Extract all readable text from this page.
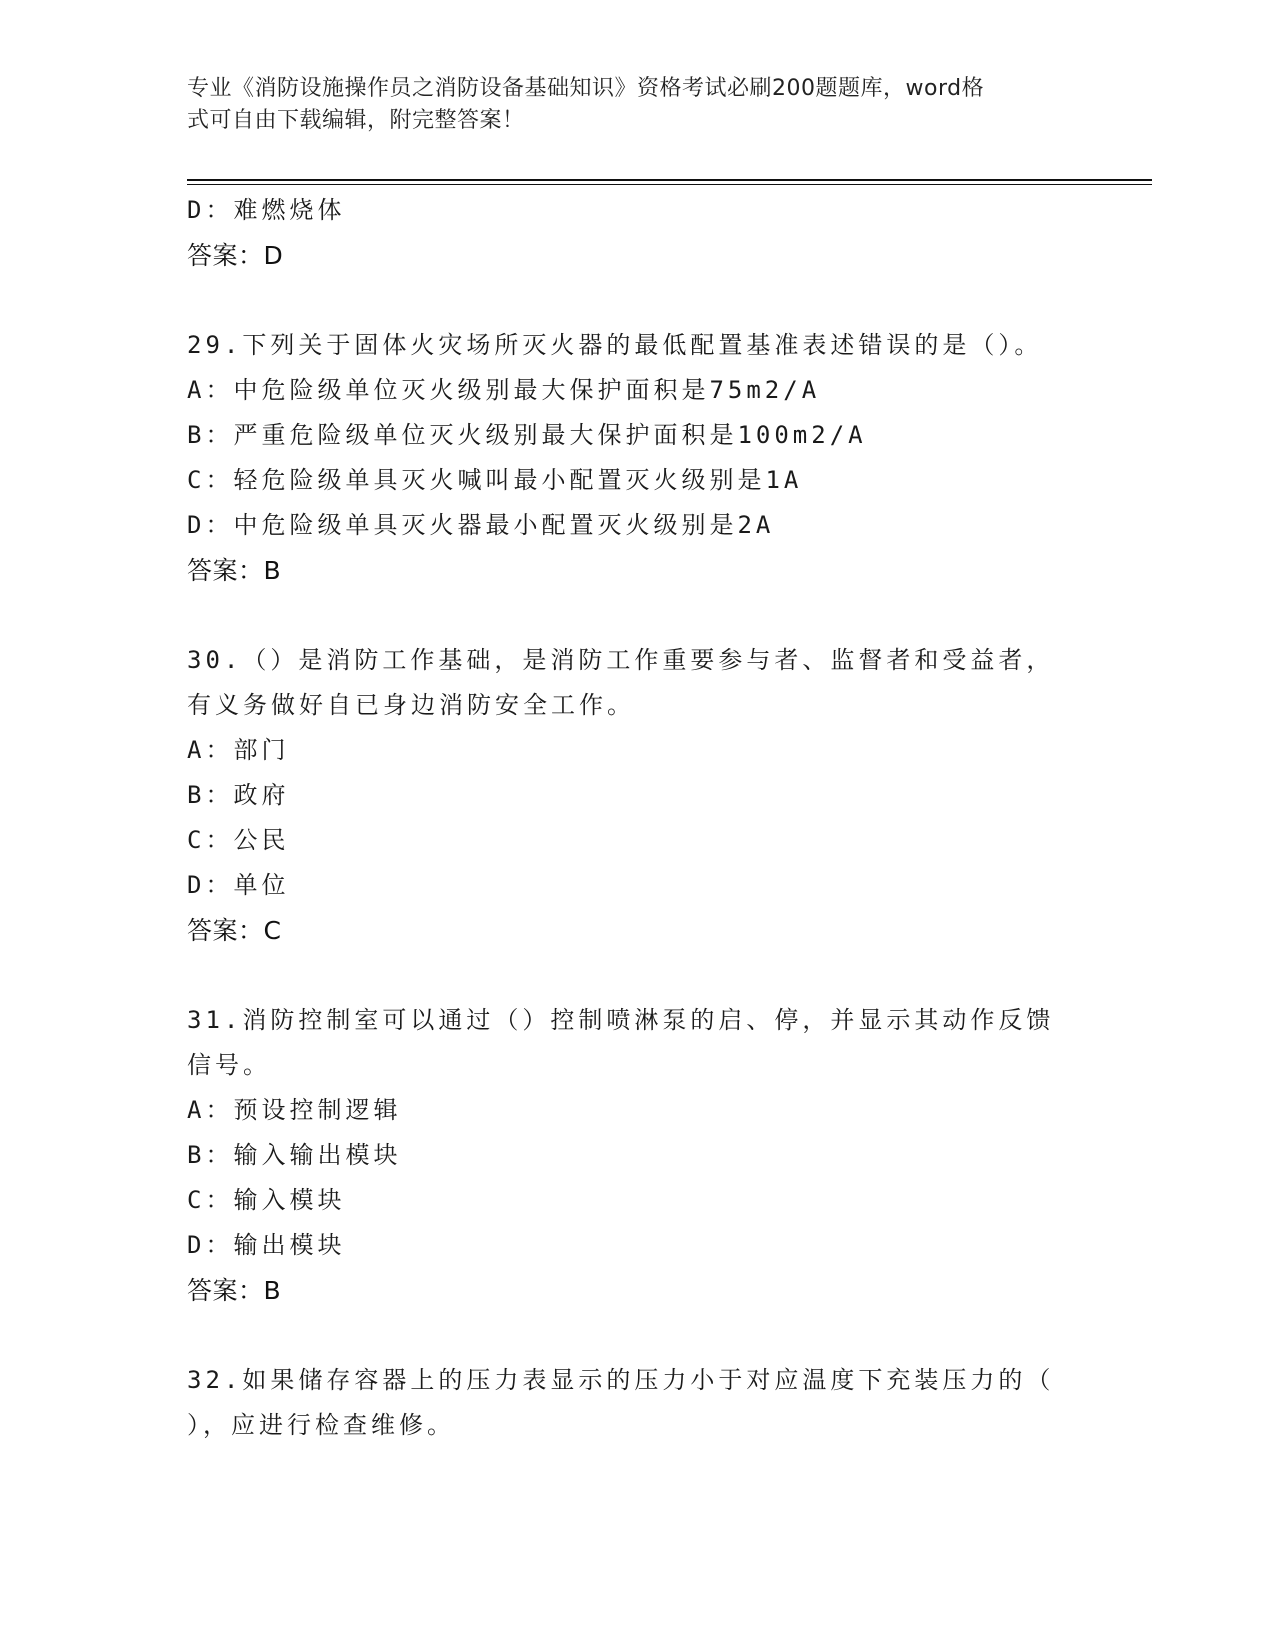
专业《消防设施操作员之消防设备基础知识》资格考试必刷200题题库，word格
式可自由下载编辑，附完整答案！
D：难燃烧体
答案：D
29.下列关于固体火灾场所灭火器的最低配置基准表述错误的是（）。
A：中危险级单位灭火级别最大保护面积是75m2/A
B：严重危险级单位灭火级别最大保护面积是100m2/A
C：轻危险级单具灭火喊叫最小配置灭火级别是1A
D：中危险级单具灭火器最小配置灭火级别是2A
答案：B
30.（）是消防工作基础，是消防工作重要参与者、监督者和受益者，
有义务做好自已身边消防安全工作。
A：部门
B：政府
C：公民
D：单位
答案：C
31.消防控制室可以通过（）控制喷淋泵的启、停，并显示其动作反馈
信号。
A：预设控制逻辑
B：输入输出模块
C：输入模块
D：输出模块
答案：B
32.如果储存容器上的压力表显示的压力小于对应温度下充装压力的（
），应进行检查维修。
